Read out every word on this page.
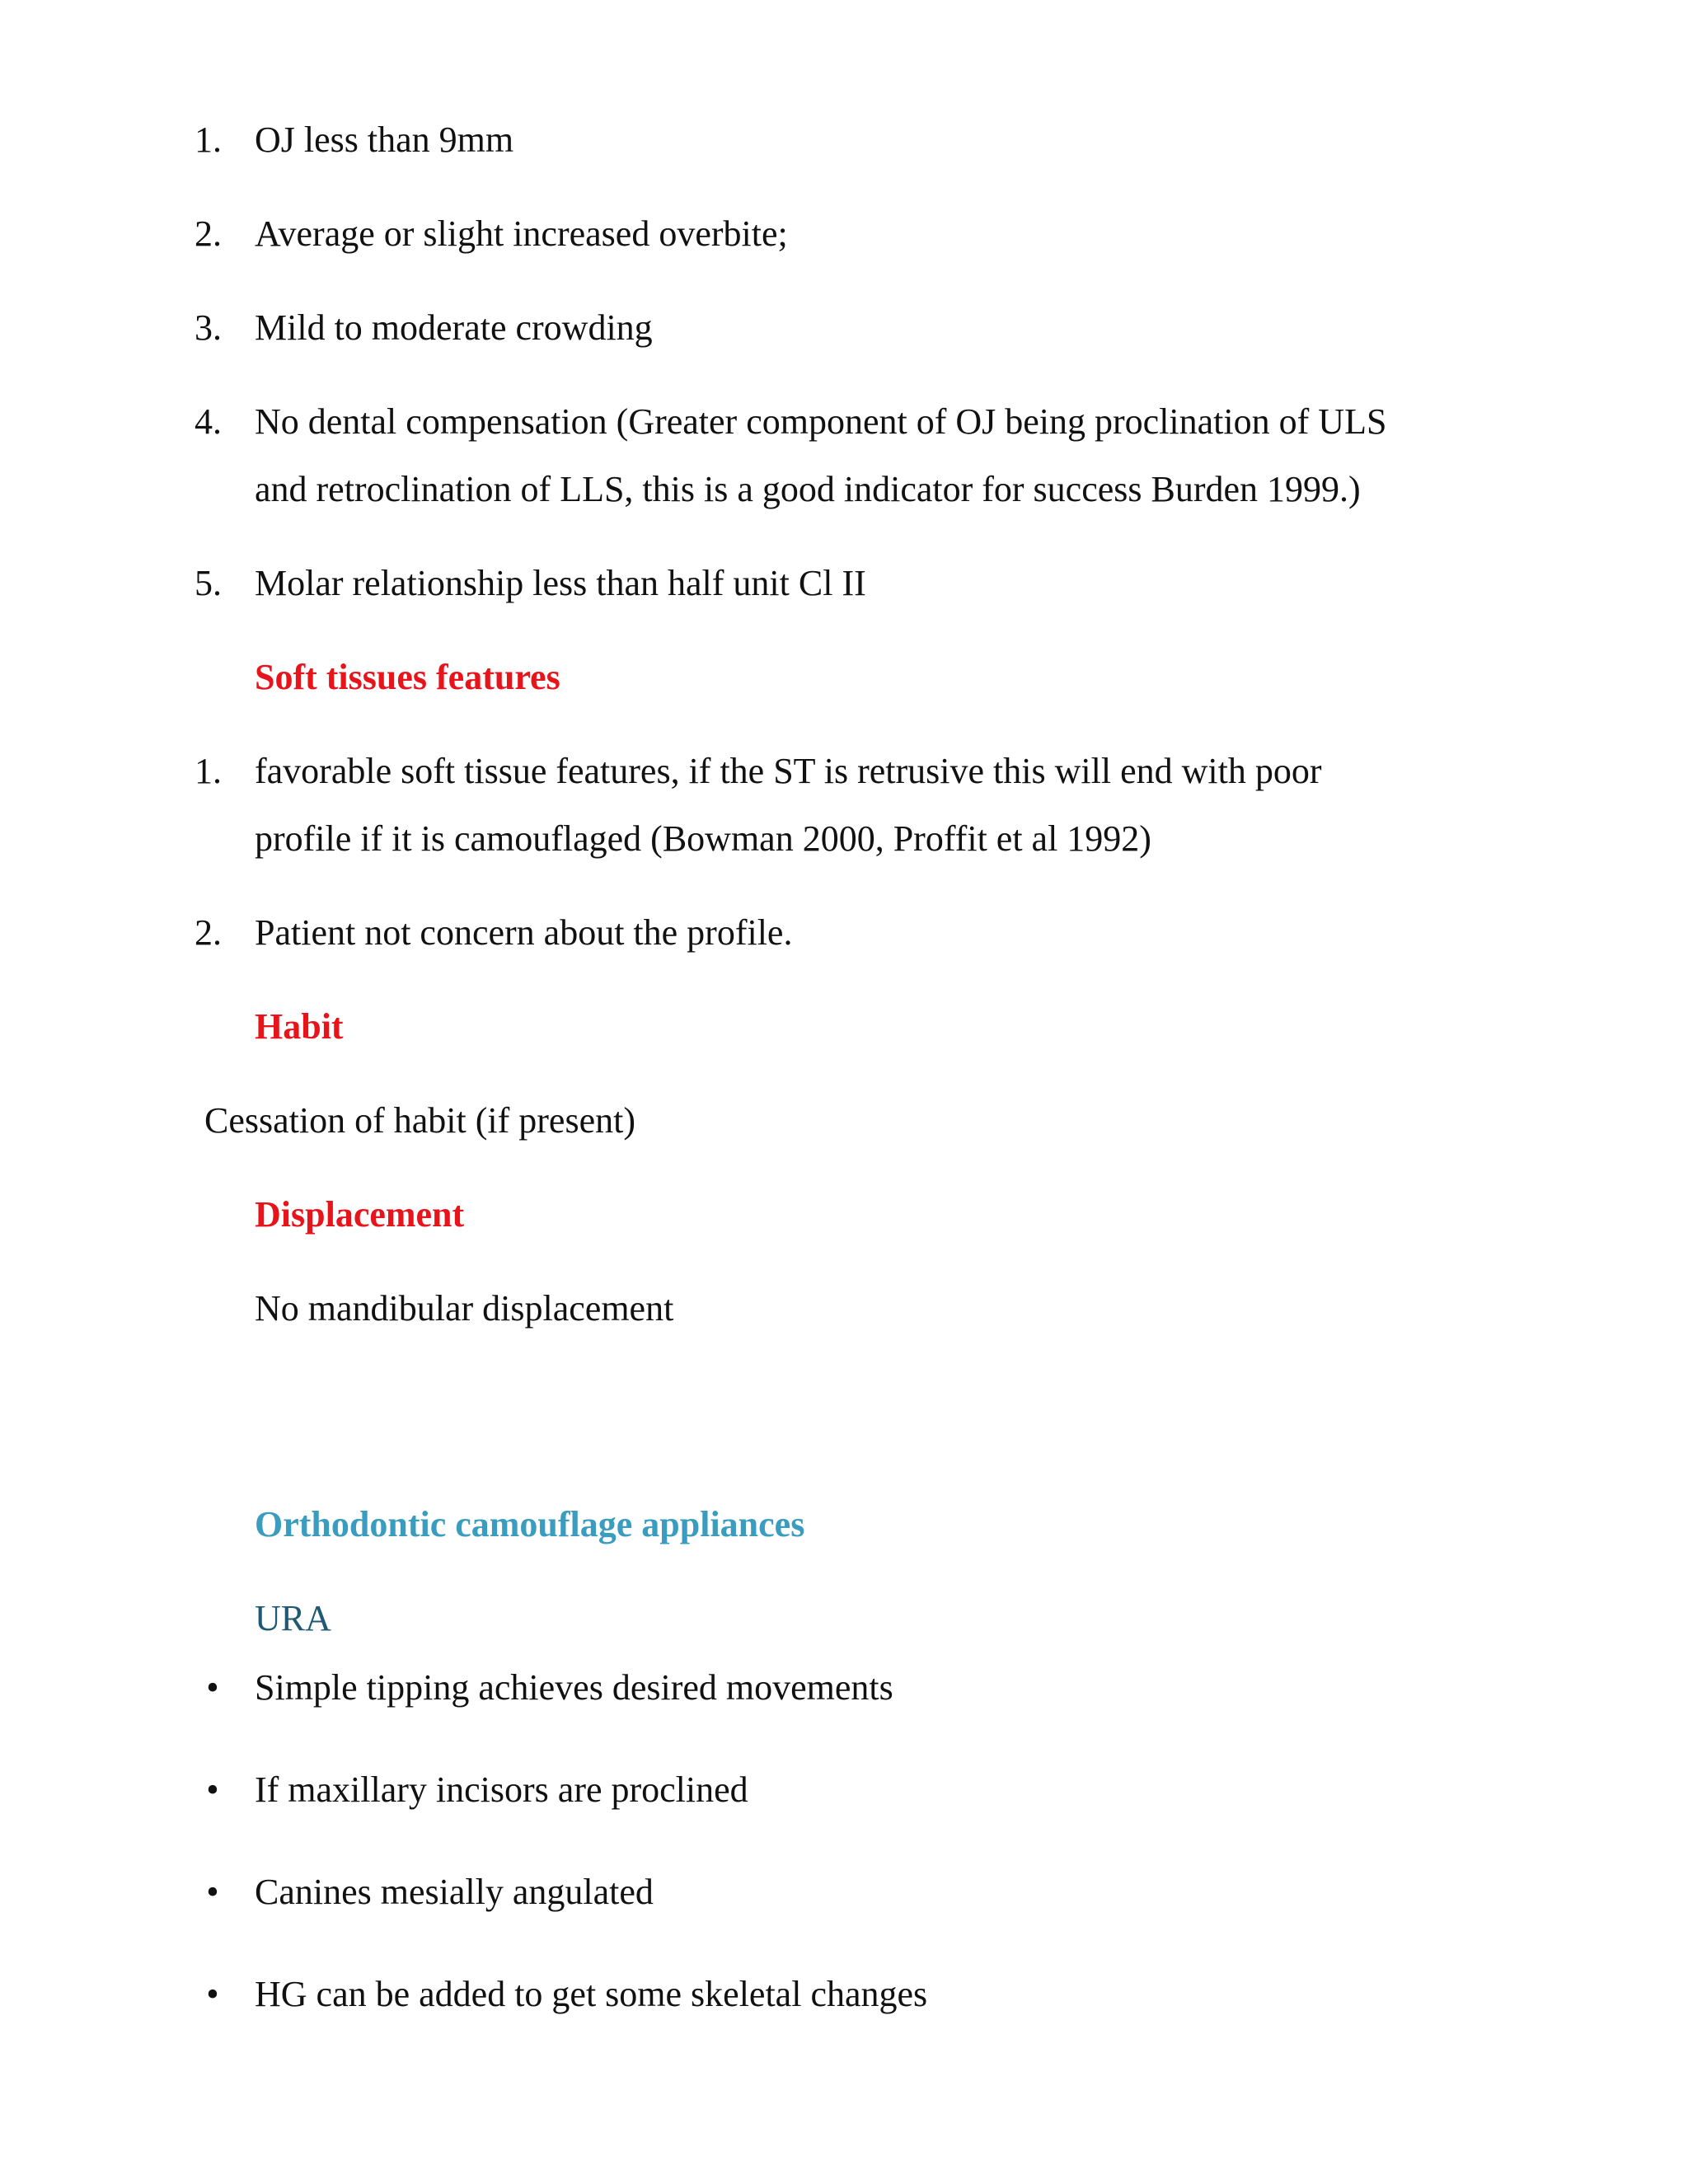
1. OJ less than 9mm
2. Average or slight increased overbite;
3. Mild to moderate crowding
4. No dental compensation (Greater component of OJ being proclination of ULS
and retroclination of LLS, this is a good indicator for success Burden 1999.)
5. Molar relationship less than half unit Cl II
Soft tissues features
1. favorable soft tissue features, if the ST is retrusive this will end with poor
profile if it is camouflaged (Bowman 2000, Proffit et al 1992)
2. Patient not concern about the profile.
Habit
Cessation of habit (if present)
Displacement
No mandibular displacement
Orthodontic camouflage appliances
URA
• Simple tipping achieves desired movements
• If maxillary incisors are proclined
• Canines mesially angulated
• HG can be added to get some skeletal changes
